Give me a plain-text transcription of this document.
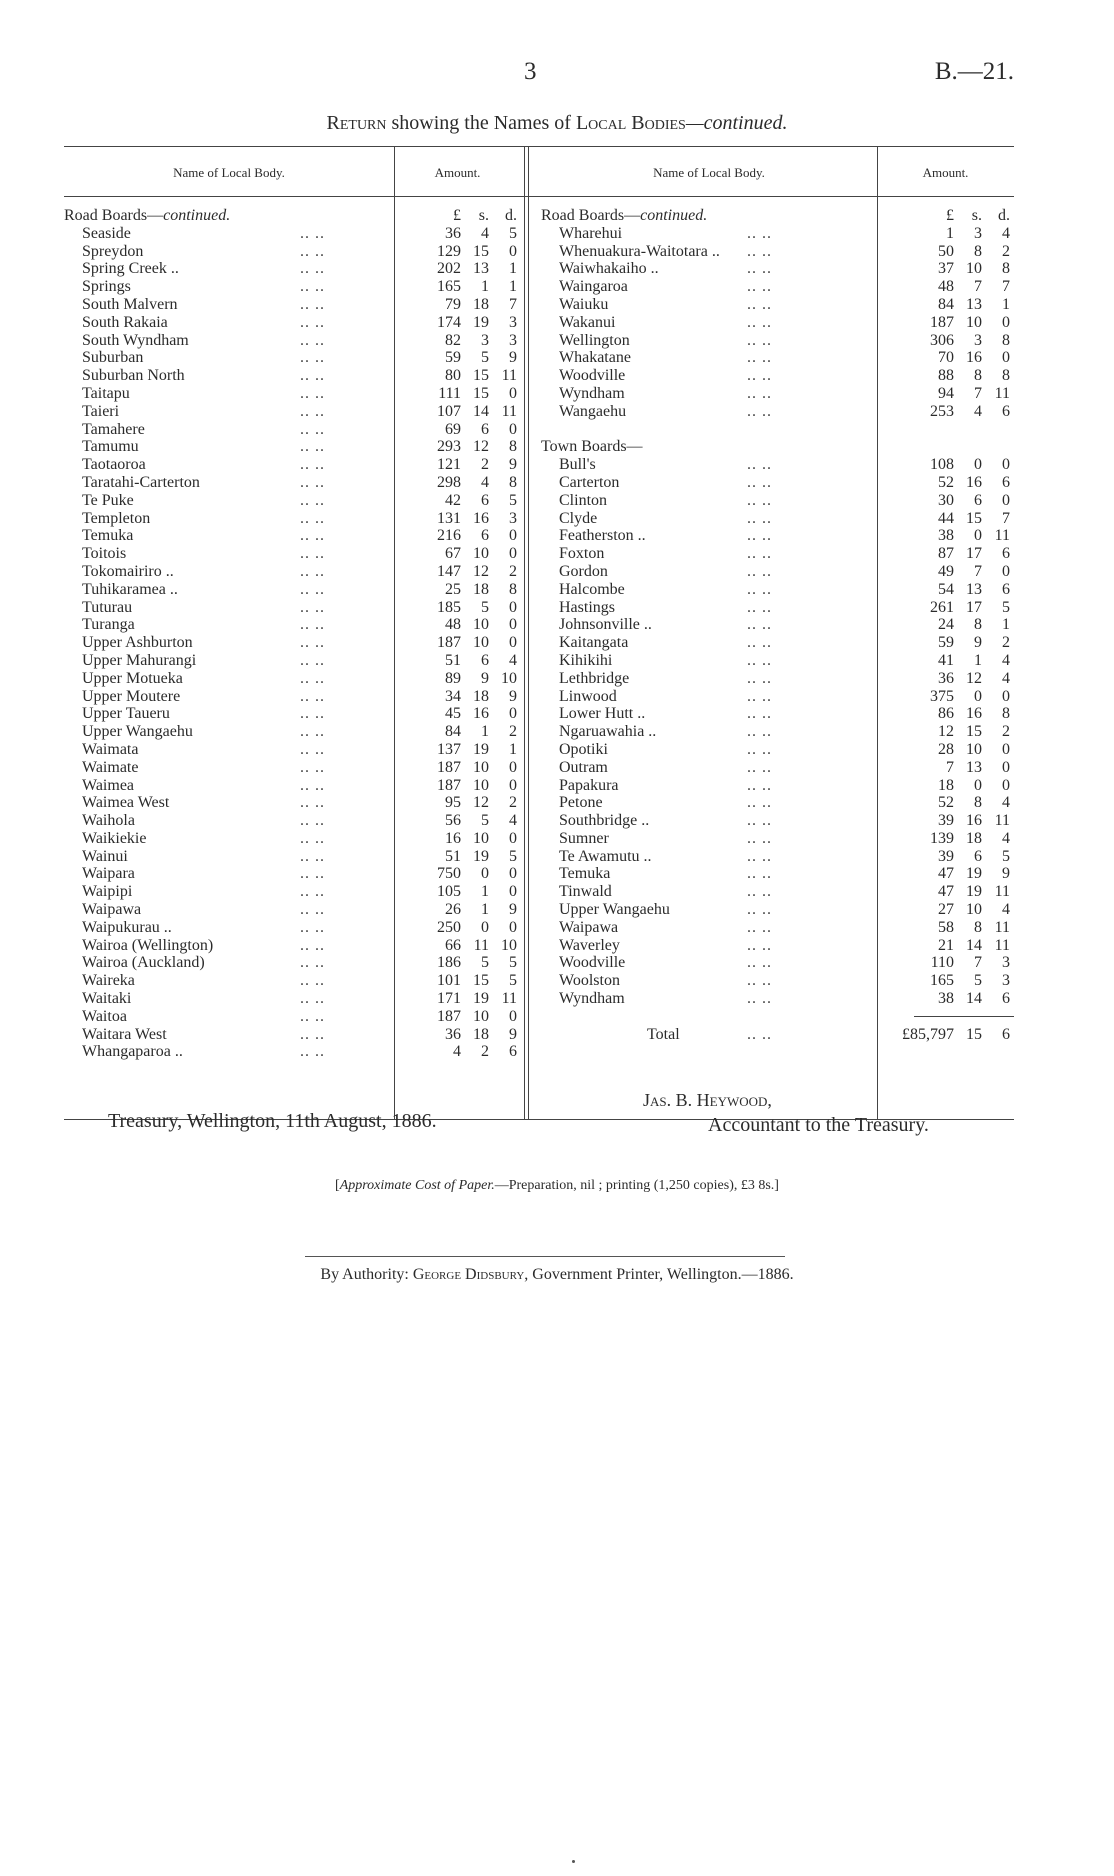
3	B.—21.
Return showing the Names of Local Bodies—continued.
Name of Local Body.	Amount.	Name of Local Body.	Amount.
Road Boards—continued.	£ s. d.
Seaside	.. ..	36 4 5
Spreydon	.. ..	129 15 0
Spring Creek ..	.. ..	202 13 1
Springs	.. ..	165 1 1
South Malvern	.. ..	79 18 7
South Rakaia	.. ..	174 19 3
South Wyndham	.. ..	82 3 3
Suburban	.. ..	59 5 9
Suburban North	.. ..	80 15 11
Taitapu	.. ..	111 15 0
Taieri	.. ..	107 14 11
Tamahere	.. ..	69 6 0
Tamumu	.. ..	293 12 8
Taotaoroa	.. ..	121 2 9
Taratahi-Carterton	.. ..	298 4 8
Te Puke	.. ..	42 6 5
Templeton	.. ..	131 16 3
Temuka	.. ..	216 6 0
Toitois	.. ..	67 10 0
Tokomairiro ..	.. ..	147 12 2
Tuhikaramea ..	.. ..	25 18 8
Tuturau	.. ..	185 5 0
Turanga	.. ..	48 10 0
Upper Ashburton	.. ..	187 10 0
Upper Mahurangi	.. ..	51 6 4
Upper Motueka	.. ..	89 9 10
Upper Moutere	.. ..	34 18 9
Upper Taueru	.. ..	45 16 0
Upper Wangaehu	.. ..	84 1 2
Waimata	.. ..	137 19 1
Waimate	.. ..	187 10 0
Waimea	.. ..	187 10 0
Waimea West	.. ..	95 12 2
Waihola	.. ..	56 5 4
Waikiekie	.. ..	16 10 0
Wainui	.. ..	51 19 5
Waipara	.. ..	750 0 0
Waipipi	.. ..	105 1 0
Waipawa	.. ..	26 1 9
Waipukurau ..	.. ..	250 0 0
Wairoa (Wellington)	.. ..	66 11 10
Wairoa (Auckland)	.. ..	186 5 5
Waireka	.. ..	101 15 5
Waitaki	.. ..	171 19 11
Waitoa	.. ..	187 10 0
Waitara West	.. ..	36 18 9
Whangaparoa ..	.. ..	4 2 6
Road Boards—continued.	£ s. d.
Wharehui	.. ..	1 3 4
Whenuakura-Waitotara .. .. ..	50 8 2
Waiwhakaiho ..	.. ..	37 10 8
Waingaroa	.. ..	48 7 7
Waiuku	.. ..	84 13 1
Wakanui	.. ..	187 10 0
Wellington	.. ..	306 3 8
Whakatane	.. ..	70 16 0
Woodville	.. ..	88 8 8
Wyndham	.. ..	94 7 11
Wangaehu	.. ..	253 4 6
Town Boards—
Bull's	.. ..	108 0 0
Carterton	.. ..	52 16 6
Clinton	.. ..	30 6 0
Clyde	.. ..	44 15 7
Featherston ..	.. ..	38 0 11
Foxton	.. ..	87 17 6
Gordon	.. ..	49 7 0
Halcombe	.. ..	54 13 6
Hastings	.. ..	261 17 5
Johnsonville ..	.. ..	24 8 1
Kaitangata	.. ..	59 9 2
Kihikihi	.. ..	41 1 4
Lethbridge	.. ..	36 12 4
Linwood	.. ..	375 0 0
Lower Hutt ..	.. ..	86 16 8
Ngaruawahia ..	.. ..	12 15 2
Opotiki	.. ..	28 10 0
Outram	.. ..	7 13 0
Papakura	.. ..	18 0 0
Petone	.. ..	52 8 4
Southbridge ..	.. ..	39 16 11
Sumner	.. ..	139 18 4
Te Awamutu ..	.. ..	39 6 5
Temuka	.. ..	47 19 9
Tinwald	.. ..	47 19 11
Upper Wangaehu	.. ..	27 10 4
Waipawa	.. ..	58 8 11
Waverley	.. ..	21 14 11
Woodville	.. ..	110 7 3
Woolston	.. ..	165 5 3
Wyndham	.. ..	38 14 6
Total	.. ..	£85,797 15 6
Jas. B. Heywood,
Treasury, Wellington, 11th August, 1886.	Accountant to the Treasury.
[Approximate Cost of Paper.—Preparation, nil ; printing (1,250 copies), £3 8s.]
By Authority: George Didsbury, Government Printer, Wellington.—1886.
